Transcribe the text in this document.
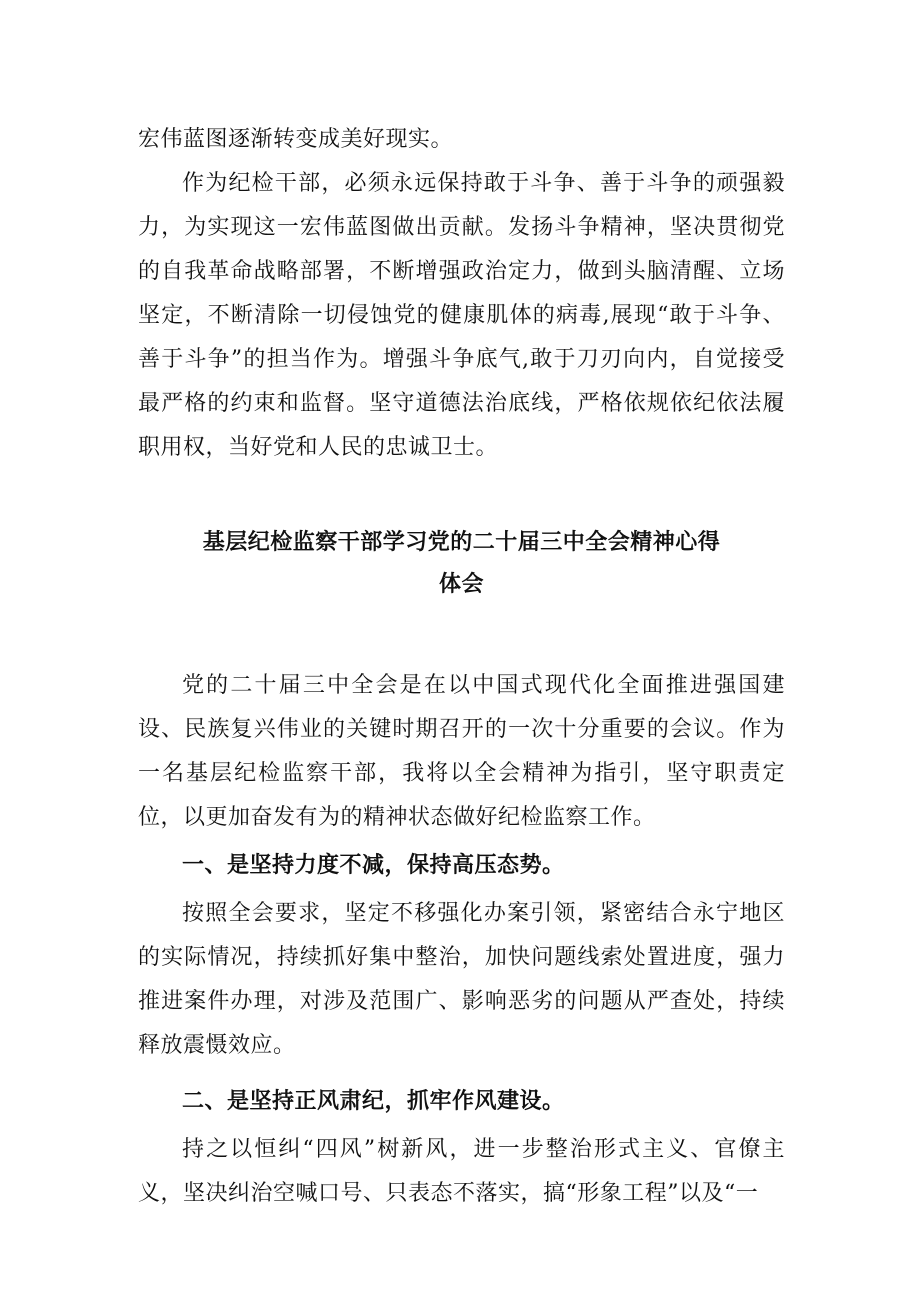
宏伟蓝图逐渐转变成美好现实。

作为纪检干部，必须永远保持敢于斗争、善于斗争的顽强毅力，为实现这一宏伟蓝图做出贡献。发扬斗争精神，坚决贯彻党的自我革命战略部署，不断增强政治定力，做到头脑清醒、立场坚定，不断清除一切侵蚀党的健康肌体的病毒,展现“敢于斗争、善于斗争”的担当作为。增强斗争底气,敢于刀刃向内，自觉接受最严格的约束和监督。坚守道德法治底线，严格依规依纪依法履职用权，当好党和人民的忠诚卫士。

基层纪检监察干部学习党的二十届三中全会精神心得
体会

党的二十届三中全会是在以中国式现代化全面推进强国建设、民族复兴伟业的关键时期召开的一次十分重要的会议。作为一名基层纪检监察干部，我将以全会精神为指引，坚守职责定位，以更加奋发有为的精神状态做好纪检监察工作。

一、是坚持力度不减，保持高压态势。

按照全会要求，坚定不移强化办案引领，紧密结合永宁地区的实际情况，持续抓好集中整治，加快问题线索处置进度，强力推进案件办理，对涉及范围广、影响恶劣的问题从严查处，持续释放震慑效应。

二、是坚持正风肃纪，抓牢作风建设。

持之以恒纠“四风”树新风，进一步整治形式主义、官僚主义，坚决纠治空喊口号、只表态不落实，搞“形象工程”以及“一
